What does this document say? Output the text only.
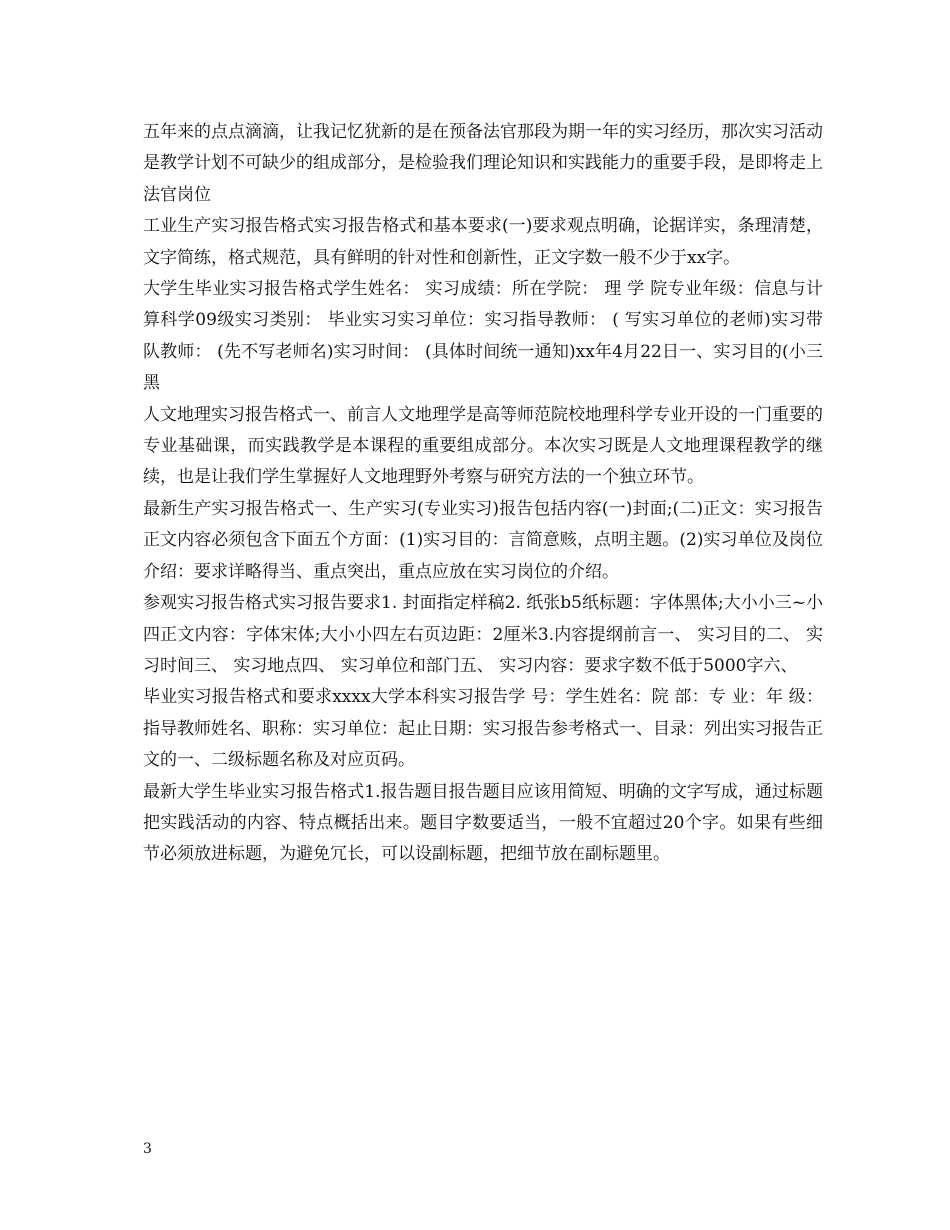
五年来的点点滴滴，让我记忆犹新的是在预备法官那段为期一年的实习经历，那次实习活动是教学计划不可缺少的组成部分，是检验我们理论知识和实践能力的重要手段，是即将走上法官岗位

工业生产实习报告格式实习报告格式和基本要求(一)要求观点明确，论据详实，条理清楚，文字简练，格式规范，具有鲜明的针对性和创新性，正文字数一般不少于xx字。

大学生毕业实习报告格式学生姓名： 实习成绩：所在学院： 理 学 院专业年级：信息与计算科学09级实习类别： 毕业实习实习单位：实习指导教师： ( 写实习单位的老师)实习带队教师： (先不写老师名)实习时间： (具体时间统一通知)xx年4月22日一、实习目的(小三黑

人文地理实习报告格式一、前言人文地理学是高等师范院校地理科学专业开设的一门重要的专业基础课，而实践教学是本课程的重要组成部分。本次实习既是人文地理课程教学的继续，也是让我们学生掌握好人文地理野外考察与研究方法的一个独立环节。

最新生产实习报告格式一、生产实习(专业实习)报告包括内容(一)封面;(二)正文：实习报告正文内容必须包含下面五个方面：(1)实习目的：言简意赅，点明主题。(2)实习单位及岗位介绍：要求详略得当、重点突出，重点应放在实习岗位的介绍。

参观实习报告格式实习报告要求1. 封面指定样稿2. 纸张b5纸标题：字体黑体;大小小三~小四正文内容：字体宋体;大小小四左右页边距：2厘米3.内容提纲前言一、 实习目的二、 实习时间三、 实习地点四、 实习单位和部门五、 实习内容：要求字数不低于5000字六、

毕业实习报告格式和要求xxxx大学本科实习报告学 号：学生姓名：院 部：专 业：年 级：指导教师姓名、职称：实习单位：起止日期：实习报告参考格式一、目录：列出实习报告正文的一、二级标题名称及对应页码。

最新大学生毕业实习报告格式1.报告题目报告题目应该用简短、明确的文字写成，通过标题把实践活动的内容、特点概括出来。题目字数要适当，一般不宜超过20个字。如果有些细节必须放进标题，为避免冗长，可以设副标题，把细节放在副标题里。

3
